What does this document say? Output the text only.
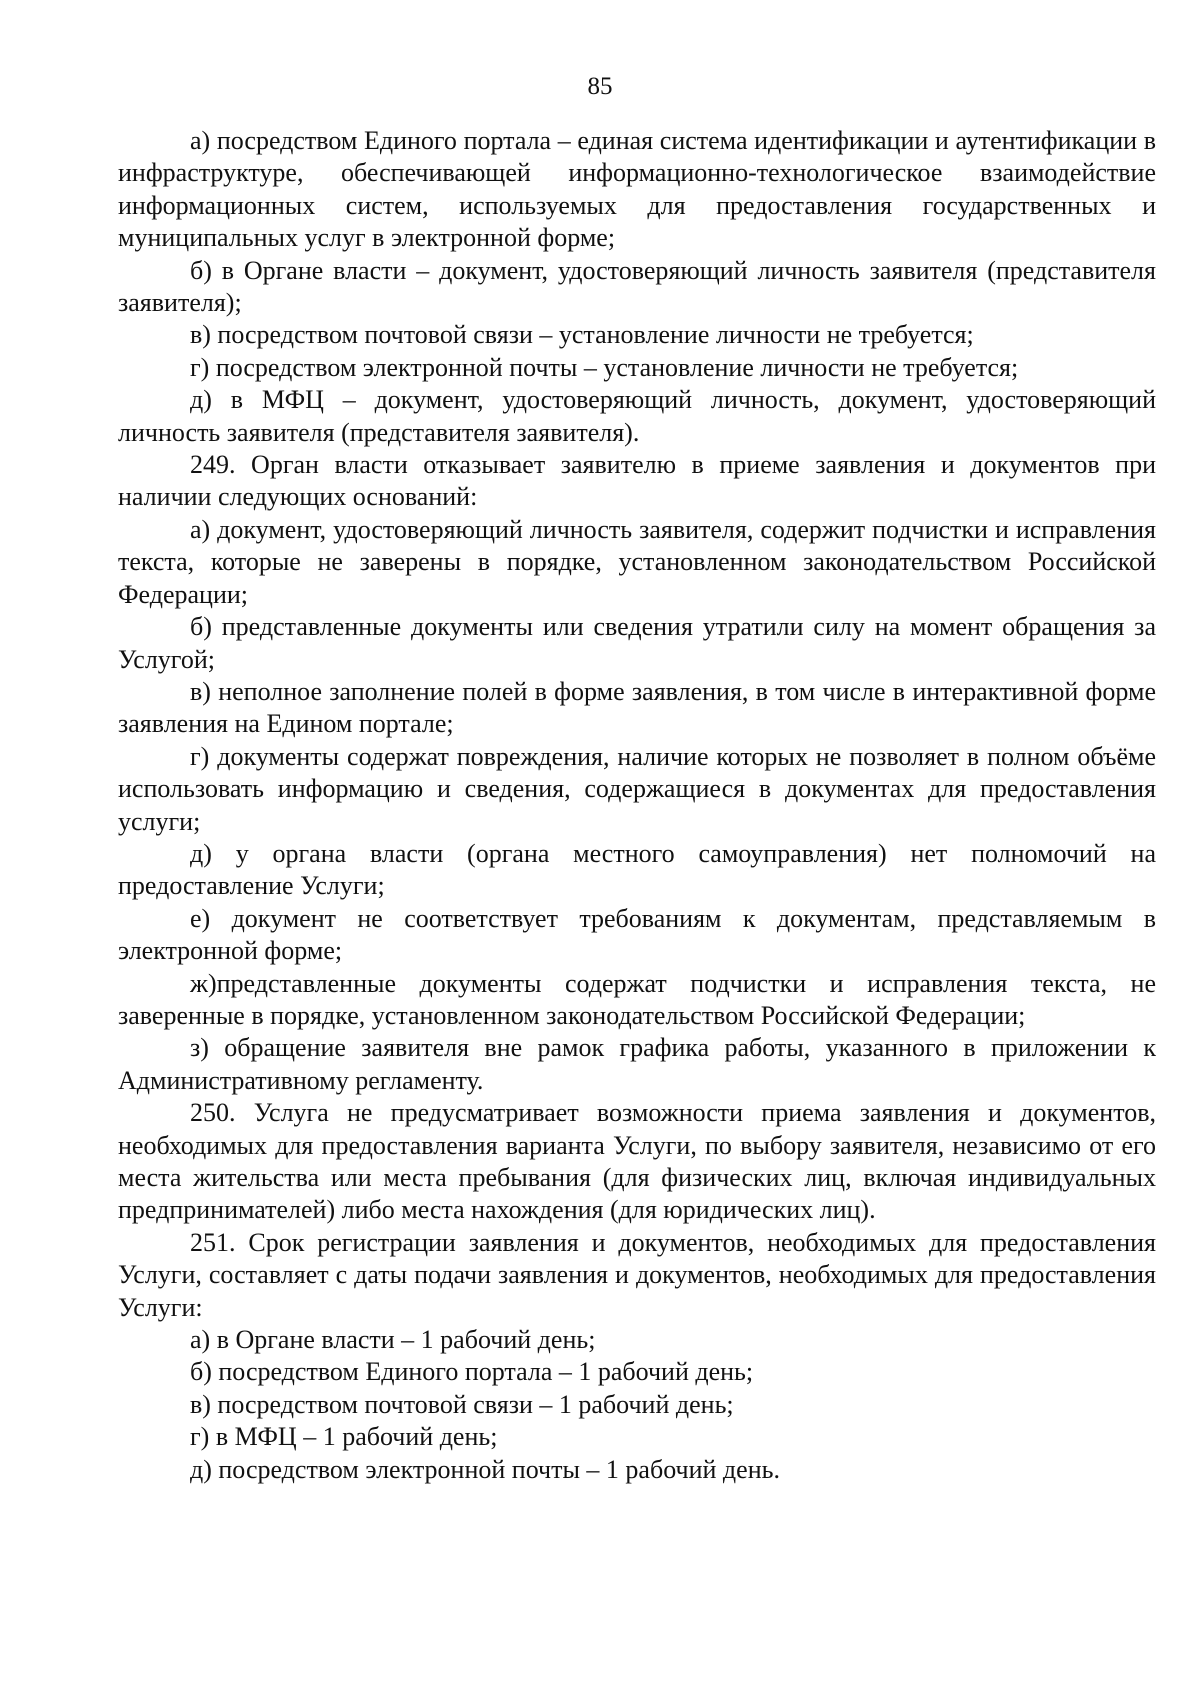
85

а) посредством Единого портала – единая система идентификации и аутентификации в инфраструктуре, обеспечивающей информационно-технологическое взаимодействие информационных систем, используемых для предоставления государственных и муниципальных услуг в электронной форме;

б) в Органе власти – документ, удостоверяющий личность заявителя (представителя заявителя);

в) посредством почтовой связи – установление личности не требуется;

г) посредством электронной почты – установление личности не требуется;

д) в МФЦ – документ, удостоверяющий личность, документ, удостоверяющий личность заявителя (представителя заявителя).

249. Орган власти отказывает заявителю в приеме заявления и документов при наличии следующих оснований:

а) документ, удостоверяющий личность заявителя, содержит подчистки и исправления текста, которые не заверены в порядке, установленном законодательством Российской Федерации;

б) представленные документы или сведения утратили силу на момент обращения за Услугой;

в) неполное заполнение полей в форме заявления, в том числе в интерактивной форме заявления на Едином портале;

г) документы содержат повреждения, наличие которых не позволяет в полном объёме использовать информацию и сведения, содержащиеся в документах для предоставления услуги;

д) у органа власти (органа местного самоуправления) нет полномочий на предоставление Услуги;

е) документ не соответствует требованиям к документам, представляемым в электронной форме;

ж)представленные документы содержат подчистки и исправления текста, не заверенные в порядке, установленном законодательством Российской Федерации;

з) обращение заявителя вне рамок графика работы, указанного в приложении к Административному регламенту.

250. Услуга не предусматривает возможности приема заявления и документов, необходимых для предоставления варианта Услуги, по выбору заявителя, независимо от его места жительства или места пребывания (для физических лиц, включая индивидуальных предпринимателей) либо места нахождения (для юридических лиц).

251. Срок регистрации заявления и документов, необходимых для предоставления Услуги, составляет с даты подачи заявления и документов, необходимых для предоставления Услуги:

а) в Органе власти – 1 рабочий день;

б) посредством Единого портала – 1 рабочий день;

в) посредством почтовой связи – 1 рабочий день;

г) в МФЦ – 1 рабочий день;

д) посредством электронной почты – 1 рабочий день.
